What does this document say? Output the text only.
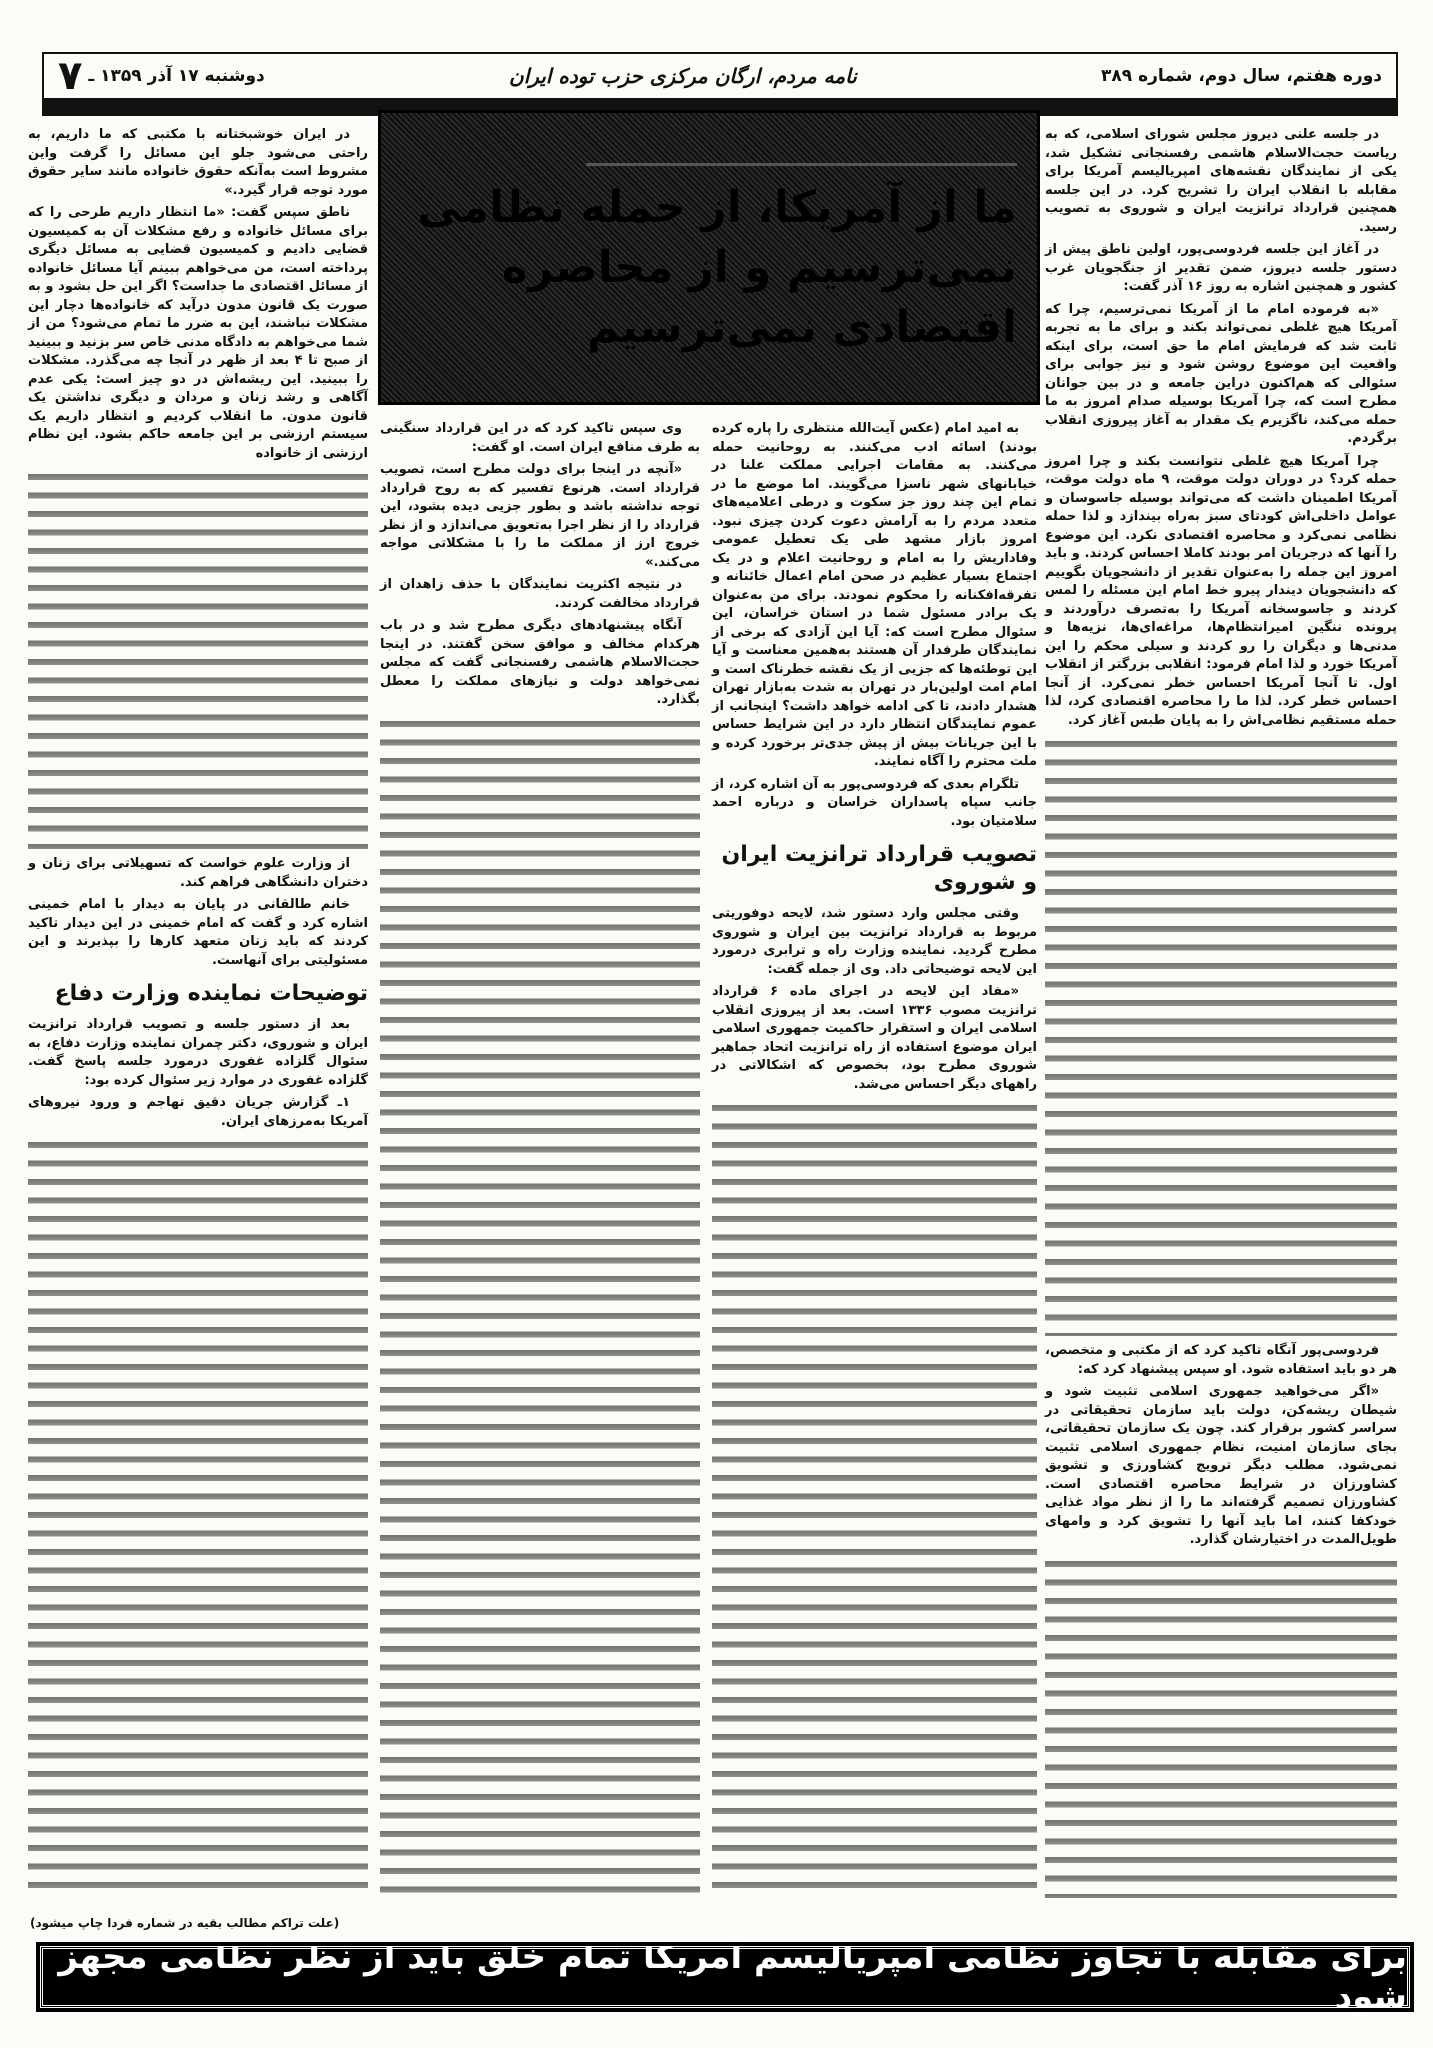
دوره هفتم، سال دوم، شماره ۳۸۹
نامه مردم، ارگان مرکزی حزب توده ایران
دوشنبه ۱۷ آذر ۱۳۵۹ ـ
۷

در جلسه علنی دیروز مجلس شورای اسلامی، که به ریاست حجت‌الاسلام هاشمی رفسنجانی تشکیل شد، یکی از نمایندگان نقشه‌های امپریالیسم آمریکا برای مقابله با انقلاب ایران را تشریح کرد. در این جلسه همچنین قرارداد ترانزیت ایران و شوروی به تصویب رسید.

در آغاز این جلسه فردوسی‌پور، اولین ناطق پیش از دستور جلسه دیروز، ضمن تقدیر از جنگجویان غرب کشور و همچنین اشاره به روز ۱۶ آذر گفت:

«به فرموده امام ما از آمریکا نمی‌ترسیم، چرا که آمریکا هیچ غلطی نمی‌تواند بکند و برای ما به تجربه ثابت شد که فرمایش امام ما حق است، برای اینکه واقعیت این موضوع روشن شود و نیز جوابی برای سئوالی که هم‌اکنون دراین جامعه و در بین جوانان مطرح است که، چرا آمریکا بوسیله صدام امروز به ما حمله می‌کند، ناگزیرم یک مقدار به آغاز پیروزی انقلاب برگردم.

چرا آمریکا هیچ غلطی نتوانست بکند و چرا امروز حمله کرد؟ در دوران دولت موقت، ۹ ماه دولت موقت، آمریکا اطمینان داشت که می‌تواند بوسیله جاسوسان و عوامل داخلی‌اش کودتای سبز به‌راه بیندازد و لذا حمله نظامی نمی‌کرد و محاصره اقتصادی نکرد. این موضوع را آنها که درجریان امر بودند کاملا احساس کردند. و باید امروز این جمله را به‌عنوان تقدیر از دانشجویان بگوییم که دانشجویان دیندار پیرو خط امام این مسئله را لمس کردند و جاسوسخانه آمریکا را به‌تصرف درآوردند و پرونده ننگین امیرانتظام‌ها، مراغه‌ای‌ها، نزیه‌ها و مدنی‌ها و دیگران را رو کردند و سیلی محکم را این آمریکا خورد و لذا امام فرمود: انقلابی بزرگتر از انقلاب اول. تا آنجا آمریکا احساس خطر نمی‌کرد. از آنجا احساس خطر کرد. لذا ما را محاصره اقتصادی کرد، لذا حمله مستقیم نظامی‌اش را به پایان طبس آغاز کرد.

فردوسی‌پور آنگاه تاکید کرد که از مکتبی و متخصص، هر دو باید استفاده شود. او سپس پیشنهاد کرد که:

«اگر می‌خواهید جمهوری اسلامی تثبیت شود و شیطان ریشه‌کن، دولت باید سازمان تحقیقاتی در سراسر کشور برقرار کند. چون یک سازمان تحقیقاتی، بجای سازمان امنیت، نظام جمهوری اسلامی تثبیت نمی‌شود. مطلب دیگر ترویج کشاورزی و تشویق کشاورزان در شرایط محاصره اقتصادی است. کشاورزان تصمیم گرفته‌اند ما را از نظر مواد غذایی خودکفا کنند، اما باید آنها را تشویق کرد و وامهای طویل‌المدت در اختیارشان گذارد.

ما از آمریکا، از حمله نظامی نمی‌ترسیم و از محاصره اقتصادی نمی‌ترسیم

به امید امام (عکس آیت‌الله منتظری را پاره کرده بودند) اسائه ادب می‌کنند. به روحانیت حمله می‌کنند. به مقامات اجرایی مملکت علنا در خیابانهای شهر ناسزا می‌گویند. اما موضع ما در تمام این چند روز جز سکوت و درطی اعلامیه‌های متعدد مردم را به آرامش دعوت کردن چیزی نبود. امروز بازار مشهد طی یک تعطیل عمومی وفاداریش را به امام و روحانیت اعلام و در یک اجتماع بسیار عظیم در صحن امام اعمال خائنانه و تفرقه‌افکنانه را محکوم نمودند. برای من به‌عنوان یک برادر مسئول شما در استان خراسان، این سئوال مطرح است که: آیا این آزادی که برخی از نمایندگان طرفدار آن هستند به‌همین معناست و آیا این توطئه‌ها که جزیی از یک نقشه خطرناک است و امام امت اولین‌بار در تهران به شدت به‌بازار تهران هشدار دادند، تا کی ادامه خواهد داشت؟ اینجانب از عموم نمایندگان انتظار دارد در این شرایط حساس با این جریانات بیش از پیش جدی‌تر برخورد کرده و ملت محترم را آگاه نمایند.

تلگرام بعدی که فردوسی‌پور به آن اشاره کرد، از جانب سپاه پاسداران خراسان و درباره احمد سلامتیان بود.

تصویب قرارداد ترانزیت ایران و شوروی

وقتی مجلس وارد دستور شد، لایحه دوفوریتی مربوط به قرارداد ترانزیت بین ایران و شوروی مطرح گردید. نماینده وزارت راه و ترابری درمورد این لایحه توضیحاتی داد. وی از جمله گفت:

«مفاد این لایحه در اجرای ماده ۶ قرارداد ترانزیت مصوب ۱۳۳۶ است. بعد از پیروزی انقلاب اسلامی ایران و استقرار حاکمیت جمهوری اسلامی ایران موضوع استفاده از راه ترانزیت اتحاد جماهیر شوروی مطرح بود، بخصوص که اشکالاتی در راههای دیگر احساس می‌شد.

وی سپس تاکید کرد که در این قرارداد سنگینی به طرف منافع ایران است. او گفت:

«آنچه در اینجا برای دولت مطرح است، تصویب قرارداد است. هرنوع تفسیر که به روح قرارداد توجه نداشته باشد و بطور جزیی دیده بشود، این قرارداد را از نظر اجرا به‌تعویق می‌اندازد و از نظر خروج ارز از مملکت ما را با مشکلاتی مواجه می‌کند.»

در نتیجه اکثریت نمایندگان با حذف زاهدان از قرارداد مخالفت کردند.

آنگاه پیشنهادهای دیگری مطرح شد و در باب هرکدام مخالف و موافق سخن گفتند. در اینجا حجت‌الاسلام هاشمی رفسنجانی گفت که مجلس نمی‌خواهد دولت و نیازهای مملکت را معطل بگذارد.

در ایران خوشبختانه با مکتبی که ما داریم، به راحتی می‌شود جلو این مسائل را گرفت واین مشروط است به‌آنکه حقوق خانواده مانند سایر حقوق مورد توجه قرار گیرد.»

ناطق سپس گفت: «ما انتظار داریم طرحی را که برای مسائل خانواده و رفع مشکلات آن به کمیسیون قضایی دادیم و کمیسیون قضایی به مسائل دیگری پرداخته است، من می‌خواهم ببینم آیا مسائل خانواده از مسائل اقتصادی ما جداست؟ اگر این حل بشود و به صورت یک قانون مدون درآید که خانواده‌ها دچار این مشکلات نباشند، این به ضرر ما تمام می‌شود؟ من از شما می‌خواهم به دادگاه مدنی خاص سر بزنید و ببینید از صبح تا ۴ بعد از ظهر در آنجا چه می‌گذرد. مشکلات را ببینید. این ریشه‌اش در دو چیز است: یکی عدم آگاهی و رشد زنان و مردان و دیگری نداشتن یک قانون مدون. ما انقلاب کردیم و انتظار داریم یک سیستم ارزشی بر این جامعه حاکم بشود. این نظام ارزشی از خانواده

از وزارت علوم خواست که تسهیلاتی برای زنان و دختران دانشگاهی فراهم کند.

خانم طالقانی در پایان به دیدار با امام خمینی اشاره کرد و گفت که امام خمینی در این دیدار تاکید کردند که باید زنان متعهد کارها را بپذیرند و این مسئولیتی برای آنهاست.

توضیحات نماینده وزارت دفاع

بعد از دستور جلسه و تصویب قرارداد ترانزیت ایران و شوروی، دکتر چمران نماینده وزارت دفاع، به سئوال گلزاده غفوری درمورد جلسه پاسخ گفت. گلزاده غفوری در موارد زیر سئوال کرده بود:

۱ـ گزارش جریان دقیق تهاجم و ورود نیروهای آمریکا به‌مرزهای ایران.

(علت تراکم مطالب بقیه در شماره فردا چاپ میشود)
برای مقابله با تجاوز نظامی امپریالیسم آمریکا تمام خلق باید از نظر نظامی مجهز شود
